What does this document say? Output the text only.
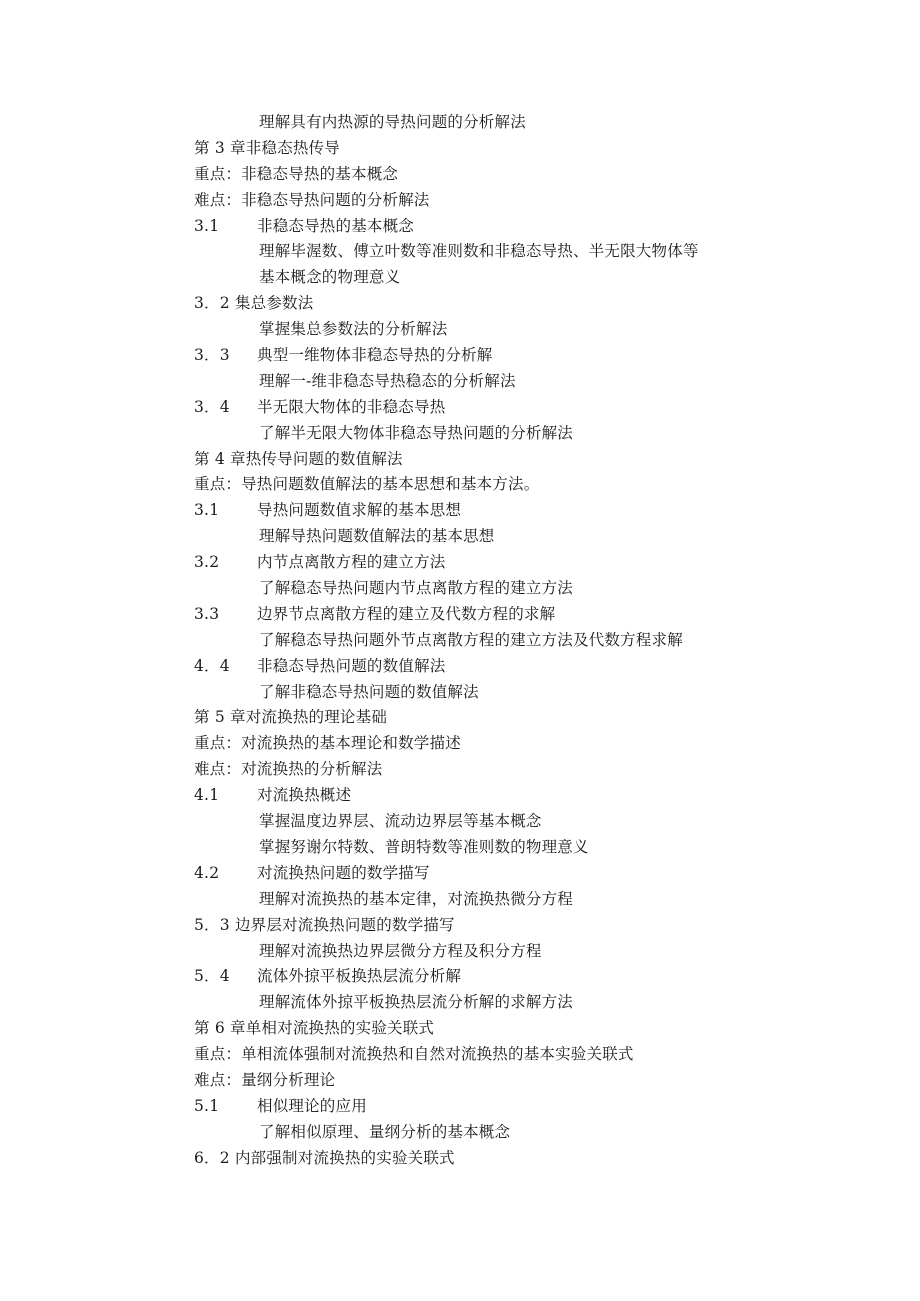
理解具有内热源的导热问题的分析解法
第 3 章非稳态热传导
重点：非稳态导热的基本概念
难点：非稳态导热问题的分析解法
3.1	非稳态导热的基本概念
理解毕渥数、傅立叶数等准则数和非稳态导热、半无限大物体等
基本概念的物理意义
3．2 集总参数法
掌握集总参数法的分析解法
3．3	典型一维物体非稳态导热的分析解
理解一-维非稳态导热稳态的分析解法
3．4	半无限大物体的非稳态导热
了解半无限大物体非稳态导热问题的分析解法
第 4 章热传导问题的数值解法
重点：导热问题数值解法的基本思想和基本方法。
3.1	导热问题数值求解的基本思想
理解导热问题数值解法的基本思想
3.2	内节点离散方程的建立方法
了解稳态导热问题内节点离散方程的建立方法
3.3	边界节点离散方程的建立及代数方程的求解
了解稳态导热问题外节点离散方程的建立方法及代数方程求解
4．4	非稳态导热问题的数值解法
了解非稳态导热问题的数值解法
第 5 章对流换热的理论基础
重点：对流换热的基本理论和数学描述
难点：对流换热的分析解法
4.1	对流换热概述
掌握温度边界层、流动边界层等基本概念
掌握努谢尔特数、普朗特数等准则数的物理意义
4.2	对流换热问题的数学描写
理解对流换热的基本定律，对流换热微分方程
5．3 边界层对流换热问题的数学描写
理解对流换热边界层微分方程及积分方程
5．4	流体外掠平板换热层流分析解
理解流体外掠平板换热层流分析解的求解方法
第 6 章单相对流换热的实验关联式
重点：单相流体强制对流换热和自然对流换热的基本实验关联式
难点：量纲分析理论
5.1	相似理论的应用
了解相似原理、量纲分析的基本概念
6．2 内部强制对流换热的实验关联式
